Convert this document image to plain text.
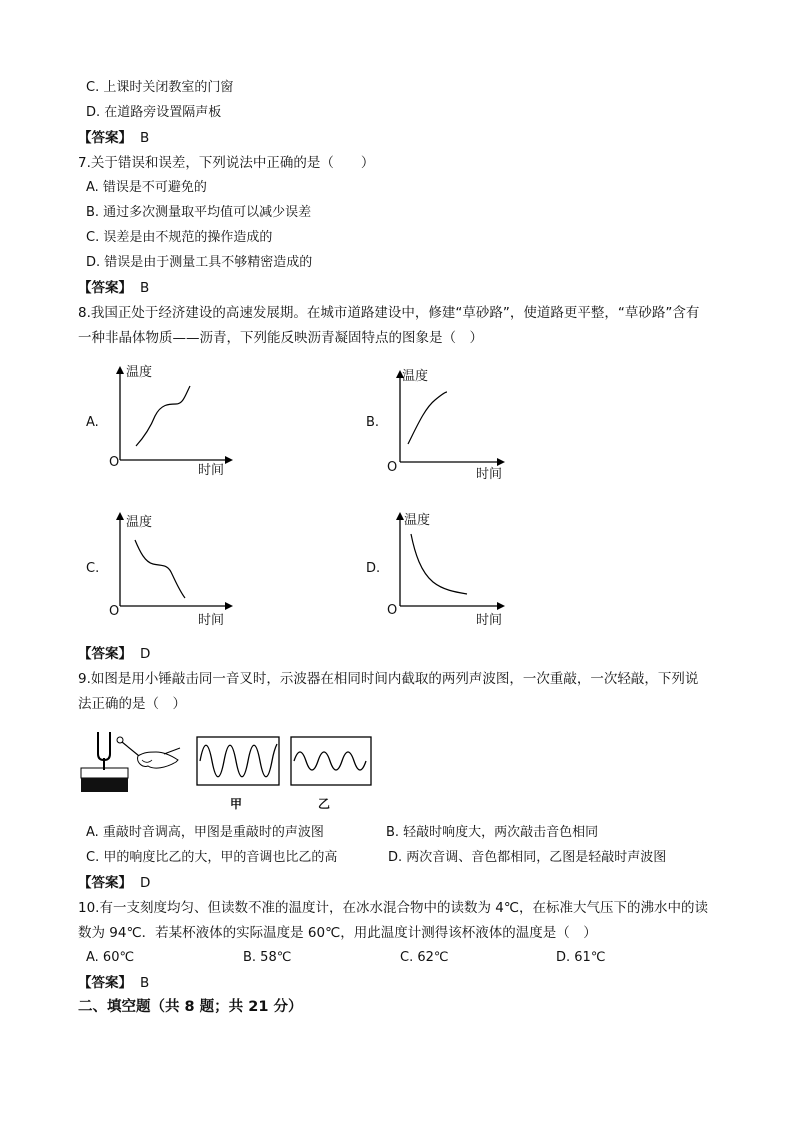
C. 上课时关闭教室的门窗
D. 在道路旁设置隔声板
【答案】 B
7.关于错误和误差，下列说法中正确的是（　　）
A. 错误是不可避免的
B. 通过多次测量取平均值可以减少误差
C. 误差是由不规范的操作造成的
D. 错误是由于测量工具不够精密造成的
【答案】 B
8.我国正处于经济建设的高速发展期。在城市道路建设中，修建“草砂路”，使道路更平整，“草砂路”含有
一种非晶体物质——沥青，下列能反映沥青凝固特点的图象是（　）
A.
温度
时间
O
B.
温度
时间
O
C.
温度
时间
O
D.
温度
时间
O
【答案】 D
9.如图是用小锤敲击同一音叉时，示波器在相同时间内截取的两列声波图，一次重敲，一次轻敲，下列说
法正确的是（　）
甲	乙
A. 重敲时音调高，甲图是重敲时的声波图	B. 轻敲时响度大，两次敲击音色相同
C. 甲的响度比乙的大，甲的音调也比乙的高	D. 两次音调、音色都相同，乙图是轻敲时声波图
【答案】 D
10.有一支刻度均匀、但读数不准的温度计，在冰水混合物中的读数为 4℃，在标准大气压下的沸水中的读
数为 94℃．若某杯液体的实际温度是 60℃，用此温度计测得该杯液体的温度是（　）
A. 60℃	B. 58℃	C. 62℃	D. 61℃
【答案】 B
二、填空题（共 8 题；共 21 分）
